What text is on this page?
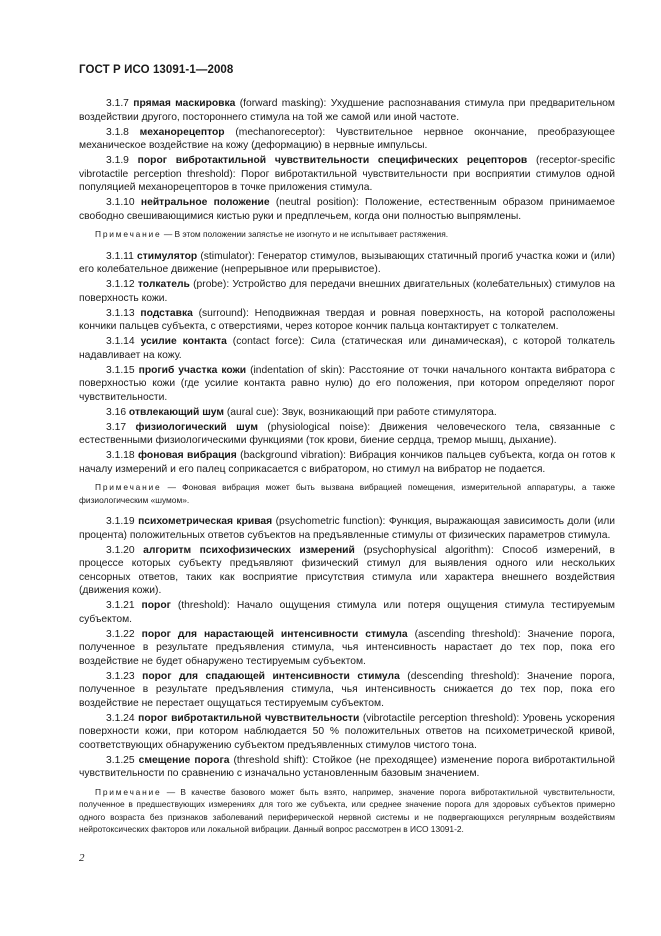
ГОСТ Р ИСО 13091-1—2008

3.1.7 прямая маскировка (forward masking): Ухудшение распознавания стимула при предварительном воздействии другого, постороннего стимула на той же самой или иной частоте.

3.1.8 механорецептор (mechanoreceptor): Чувствительное нервное окончание, преобразующее механическое воздействие на кожу (деформацию) в нервные импульсы.

3.1.9 порог вибротактильной чувствительности специфических рецепторов (receptor-specific vibrotactile perception threshold): Порог вибротактильной чувствительности при восприятии стимулов одной популяцией механорецепторов в точке приложения стимула.

3.1.10 нейтральное положение (neutral position): Положение, естественным образом принимаемое свободно свешивающимися кистью руки и предплечьем, когда они полностью выпрямлены.

Примечание — В этом положении запястье не изогнуто и не испытывает растяжения.

3.1.11 стимулятор (stimulator): Генератор стимулов, вызывающих статичный прогиб участка кожи и (или) его колебательное движение (непрерывное или прерывистое).

3.1.12 толкатель (probe): Устройство для передачи внешних двигательных (колебательных) стимулов на поверхность кожи.

3.1.13 подставка (surround): Неподвижная твердая и ровная поверхность, на которой расположены кончики пальцев субъекта, с отверстиями, через которое кончик пальца контактирует с толкателем.

3.1.14 усилие контакта (contact force): Сила (статическая или динамическая), с которой толкатель надавливает на кожу.

3.1.15 прогиб участка кожи (indentation of skin): Расстояние от точки начального контакта вибратора с поверхностью кожи (где усилие контакта равно нулю) до его положения, при котором определяют порог чувствительности.

3.16 отвлекающий шум (aural cue): Звук, возникающий при работе стимулятора.

3.17 физиологический шум (physiological noise): Движения человеческого тела, связанные с естественными физиологическими функциями (ток крови, биение сердца, тремор мышц, дыхание).

3.1.18 фоновая вибрация (background vibration): Вибрация кончиков пальцев субъекта, когда он готов к началу измерений и его палец соприкасается с вибратором, но стимул на вибратор не подается.

Примечание — Фоновая вибрация может быть вызвана вибрацией помещения, измерительной аппаратуры, а также физиологическим «шумом».

3.1.19 психометрическая кривая (psychometric function): Функция, выражающая зависимость доли (или процента) положительных ответов субъектов на предъявленные стимулы от физических параметров стимула.

3.1.20 алгоритм психофизических измерений (psychophysical algorithm): Способ измерений, в процессе которых субъекту предъявляют физический стимул для выявления одного или нескольких сенсорных ответов, таких как восприятие присутствия стимула или характера внешнего воздействия (движения кожи).

3.1.21 порог (threshold): Начало ощущения стимула или потеря ощущения стимула тестируемым субъектом.

3.1.22 порог для нарастающей интенсивности стимула (ascending threshold): Значение порога, полученное в результате предъявления стимула, чья интенсивность нарастает до тех пор, пока его воздействие не будет обнаружено тестируемым субъектом.

3.1.23 порог для спадающей интенсивности стимула (descending threshold): Значение порога, полученное в результате предъявления стимула, чья интенсивность снижается до тех пор, пока его воздействие не перестает ощущаться тестируемым субъектом.

3.1.24 порог вибротактильной чувствительности (vibrotactile perception threshold): Уровень ускорения поверхности кожи, при котором наблюдается 50 % положительных ответов на психометрической кривой, соответствующих обнаружению субъектом предъявленных стимулов чистого тона.

3.1.25 смещение порога (threshold shift): Стойкое (не преходящее) изменение порога вибротактильной чувствительности по сравнению с изначально установленным базовым значением.

Примечание — В качестве базового может быть взято, например, значение порога вибротактильной чувствительности, полученное в предшествующих измерениях для того же субъекта, или среднее значение порога для здоровых субъектов примерно одного возраста без признаков заболеваний периферической нервной системы и не подвергающихся регулярным воздействиям нейротоксических факторов или локальной вибрации. Данный вопрос рассмотрен в ИСО 13091-2.

2
